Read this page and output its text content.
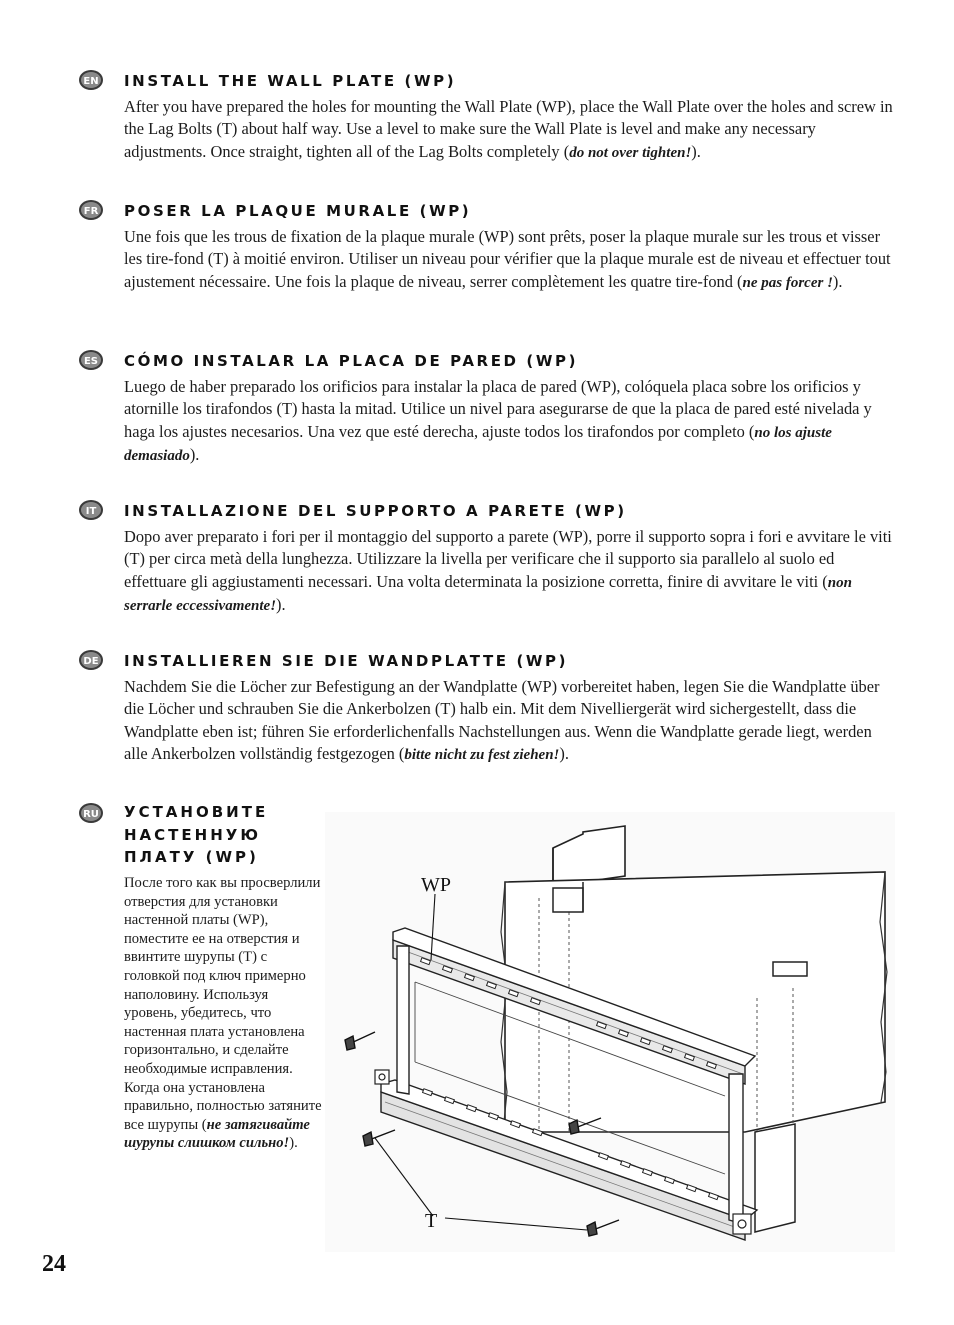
EN INSTALL THE WALL PLATE (WP)

After you have prepared the holes for mounting the Wall Plate (WP), place the Wall Plate over the holes and screw in the Lag Bolts (T) about half way. Use a level to make sure the Wall Plate is level and make any necessary adjustments. Once straight, tighten all of the Lag Bolts completely (do not over tighten!).

FR POSER LA PLAQUE MURALE (WP)

Une fois que les trous de fixation de la plaque murale (WP) sont prêts, poser la plaque murale sur les trous et visser les tire-fond (T) à moitié environ. Utiliser un niveau pour vérifier que la plaque murale est de niveau et effectuer tout ajustement nécessaire. Une fois la plaque de niveau, serrer complètement les quatre tire-fond (ne pas forcer !).

ES CÓMO INSTALAR LA PLACA DE PARED (WP)

Luego de haber preparado los orificios para instalar la placa de pared (WP), colóquela placa sobre los orificios y atornille los tirafondos (T) hasta la mitad. Utilice un nivel para asegurarse de que la placa de pared esté nivelada y haga los ajustes necesarios. Una vez que esté derecha, ajuste todos los tirafondos por completo (no los ajuste demasiado).

IT INSTALLAZIONE DEL SUPPORTO A PARETE (WP)

Dopo aver preparato i fori per il montaggio del supporto a parete (WP), porre il supporto sopra i fori e avvitare le viti (T) per circa metà della lunghezza. Utilizzare la livella per verificare che il supporto sia parallelo al suolo ed effettuare gli aggiustamenti necessari. Una volta determinata la posizione corretta, finire di avvitare le viti (non serrarle eccessivamente!).

DE INSTALLIEREN SIE DIE WANDPLATTE (WP)

Nachdem Sie die Löcher zur Befestigung an der Wandplatte (WP) vorbereitet haben, legen Sie die Wandplatte über die Löcher und schrauben Sie die Ankerbolzen (T) halb ein. Mit dem Nivelliergerät wird sichergestellt, dass die Wandplatte eben ist; führen Sie erforderlichenfalls Nachstellungen aus. Wenn die Wandplatte gerade liegt, werden alle Ankerbolzen vollständig festgezogen (bitte nicht zu fest ziehen!).

RU УСТАНОВИТЕ НАСТЕННУЮ ПЛАТУ (WP)

После того как вы просверлили отверстия для установки настенной платы (WP), поместите ее на отверстия и ввинтите шурупы (T) с головкой под ключ примерно наполовину. Используя уровень, убедитесь, что настенная плата установлена горизонтально, и сделайте необходимые исправления. Когда она установлена правильно, полностью затяните все шурупы (не затягивайте шурупы слишком сильно!).

WP
T
24
